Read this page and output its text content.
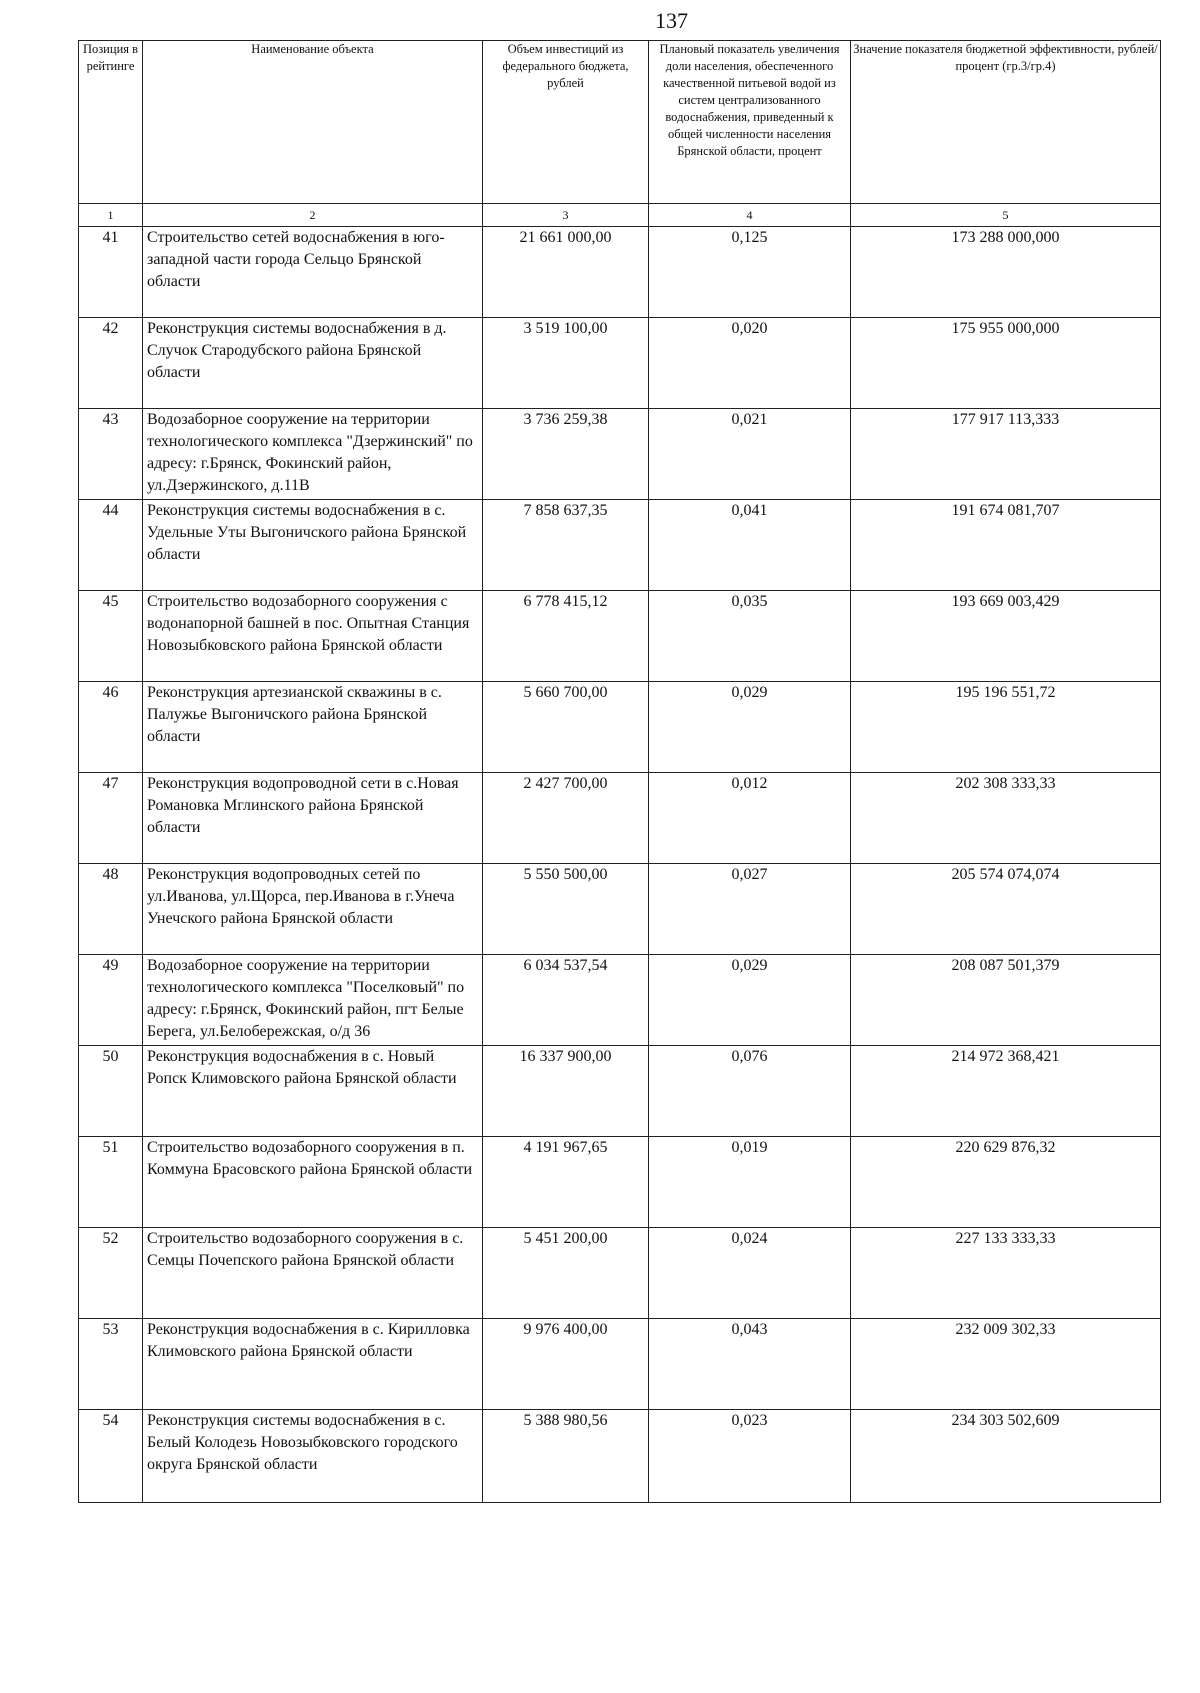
137
Позиция в рейтинге	Наименование объекта	Объем инвестиций из федерального бюджета, рублей	Плановый показатель увеличения доли населения, обеспеченного качественной питьевой водой из систем централизованного водоснабжения, приведенный к общей численности населения Брянской области, процент	Значение показателя бюджетной эффективности, рублей/процент (гр.3/гр.4)
1	2	3	4	5
41	Строительство сетей водоснабжения в юго-западной части города Сельцо Брянской области	21 661 000,00	0,125	173 288 000,000
42	Реконструкция системы водоснабжения в д. Случок Стародубского района Брянской области	3 519 100,00	0,020	175 955 000,000
43	Водозаборное сооружение на территории технологического комплекса "Дзержинский" по адресу: г.Брянск, Фокинский район, ул.Дзержинского, д.11В	3 736 259,38	0,021	177 917 113,333
44	Реконструкция системы водоснабжения в с. Удельные Уты Выгоничского района Брянской области	7 858 637,35	0,041	191 674 081,707
45	Строительство водозаборного сооружения с водонапорной башней в пос. Опытная Станция Новозыбковского района Брянской области	6 778 415,12	0,035	193 669 003,429
46	Реконструкция артезианской скважины в с. Палужье Выгоничского района Брянской области	5 660 700,00	0,029	195 196 551,72
47	Реконструкция водопроводной сети в с.Новая Романовка Мглинского района Брянской области	2 427 700,00	0,012	202 308 333,33
48	Реконструкция водопроводных сетей по ул.Иванова, ул.Щорса, пер.Иванова в г.Унеча Унечского района Брянской области	5 550 500,00	0,027	205 574 074,074
49	Водозаборное сооружение на территории технологического комплекса "Поселковый" по адресу: г.Брянск, Фокинский район, пгт Белые Берега, ул.Белобережская, о/д 36	6 034 537,54	0,029	208 087 501,379
50	Реконструкция водоснабжения в с. Новый Ропск Климовского района Брянской области	16 337 900,00	0,076	214 972 368,421
51	Строительство водозаборного сооружения в п. Коммуна Брасовского района Брянской области	4 191 967,65	0,019	220 629 876,32
52	Строительство водозаборного сооружения в с. Семцы Почепского района Брянской области	5 451 200,00	0,024	227 133 333,33
53	Реконструкция водоснабжения в с. Кирилловка Климовского района Брянской области	9 976 400,00	0,043	232 009 302,33
54	Реконструкция системы водоснабжения в с. Белый Колодезь Новозыбковского городского округа Брянской области	5 388 980,56	0,023	234 303 502,609
